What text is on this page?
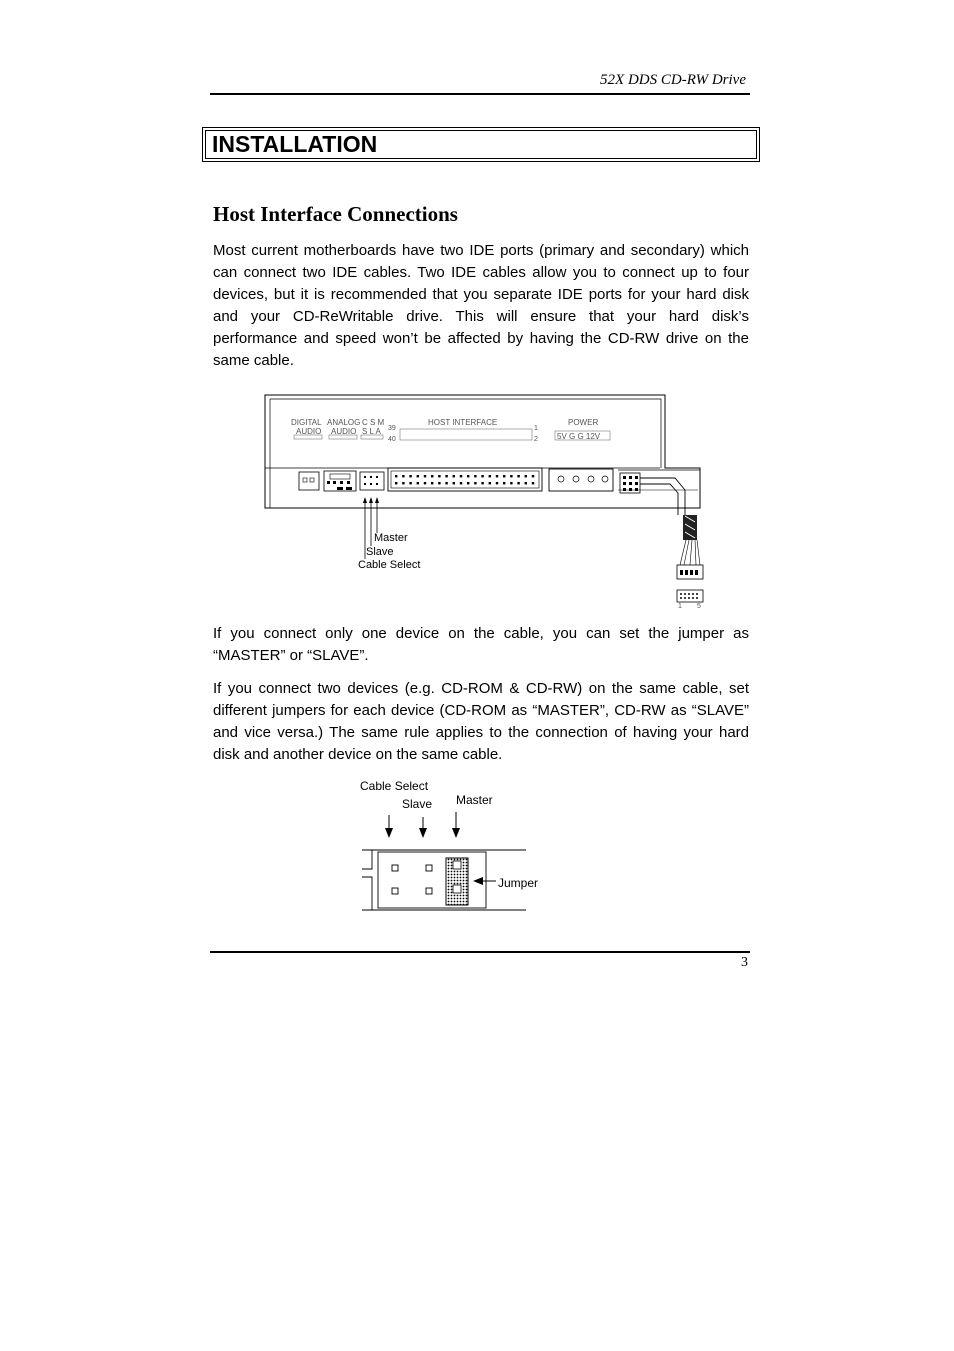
52X DDS CD-RW Drive
INSTALLATION
Host Interface Connections
Most current motherboards have two IDE ports (primary and secondary) which can connect two IDE cables. Two IDE cables allow you to connect up to four devices, but it is recommended that you separate IDE ports for your hard disk and your CD-ReWritable drive. This will ensure that your hard disk’s performance and speed won’t be affected by having the CD-RW drive on the same cable.
DIGITAL
AUDIO
ANALOG
AUDIO
C S M
S L A 39
40
HOST INTERFACE
1
2
POWER
5V G G 12V
1 5
Master
Slave
Cable Select
If you connect only one device on the cable, you can set the jumper as “MASTER” or “SLAVE”.
If you connect two devices (e.g. CD-ROM & CD-RW) on the same cable, set different jumpers for each device (CD-ROM as “MASTER”, CD-RW as “SLAVE” and vice versa.) The same rule applies to the connection of having your hard disk and another device on the same cable.
Cable Select
Slave Master
Jumper
3
